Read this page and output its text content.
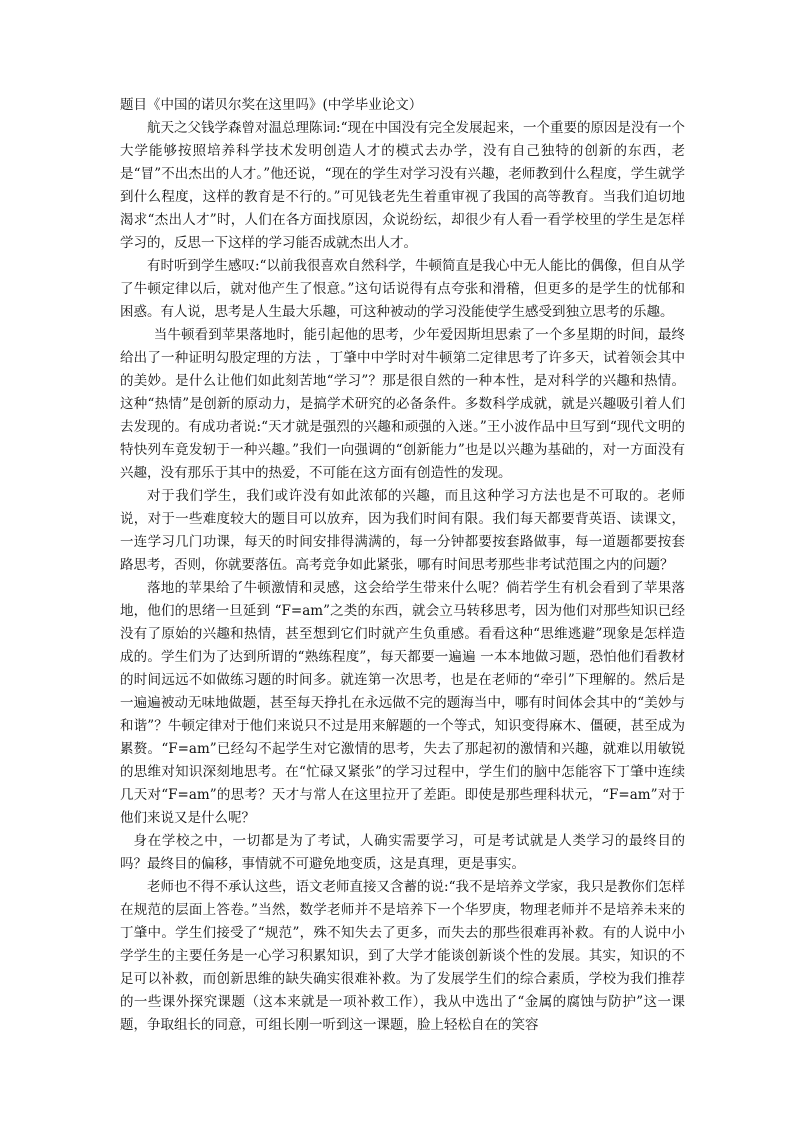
题目《中国的诺贝尔奖在这里吗》(中学毕业论文）

航天之父钱学森曾对温总理陈词:“现在中国没有完全发展起来，一个重要的原因是没有一个大学能够按照培养科学技术发明创造人才的模式去办学，没有自己独特的创新的东西，老是“冒”不出杰出的人才。”他还说，“现在的学生对学习没有兴趣，老师教到什么程度，学生就学到什么程度，这样的教育是不行的。”可见钱老先生着重审视了我国的高等教育。当我们迫切地渴求“杰出人才”时，人们在各方面找原因，众说纷纭，却很少有人看一看学校里的学生是怎样学习的，反思一下这样的学习能否成就杰出人才。

有时听到学生感叹:“以前我很喜欢自然科学，牛顿简直是我心中无人能比的偶像，但自从学了牛顿定律以后，就对他产生了恨意。”这句话说得有点夸张和滑稽，但更多的是学生的忧郁和困惑。有人说，思考是人生最大乐趣，可这种被动的学习没能使学生感受到独立思考的乐趣。

当牛顿看到苹果落地时，能引起他的思考，少年爱因斯坦思索了一个多星期的时间，最终给出了一种证明勾股定理的方法 ，丁肇中中学时对牛顿第二定律思考了许多天，试着领会其中的美妙。是什么让他们如此刻苦地“学习”？那是很自然的一种本性，是对科学的兴趣和热情。这种“热情”是创新的原动力，是搞学术研究的必备条件。多数科学成就，就是兴趣吸引着人们去发现的。有成功者说:“天才就是强烈的兴趣和顽强的入迷。”王小波作品中旦写到“现代文明的特快列车竟发轫于一种兴趣。”我们一向强调的“创新能力”也是以兴趣为基础的，对一方面没有兴趣，没有那乐于其中的热爱，不可能在这方面有创造性的发现。

对于我们学生，我们或许没有如此浓郁的兴趣，而且这种学习方法也是不可取的。老师说，对于一些难度较大的题目可以放弃，因为我们时间有限。我们每天都要背英语、读课文，一连学习几门功课，每天的时间安排得满满的，每一分钟都要按套路做事，每一道题都要按套路思考，否则，你就要落伍。高考竞争如此紧张，哪有时间思考那些非考试范围之内的问题？

落地的苹果给了牛顿激情和灵感，这会给学生带来什么呢？倘若学生有机会看到了苹果落地，他们的思绪一旦延到 “F=am”之类的东西，就会立马转移思考，因为他们对那些知识已经没有了原始的兴趣和热情，甚至想到它们时就产生负重感。看看这种“思维逃避”现象是怎样造成的。学生们为了达到所谓的“熟练程度”，每天都要一遍遍 一本本地做习题，恐怕他们看教材的时间远远不如做练习题的时间多。就连第一次思考，也是在老师的“牵引”下理解的。然后是一遍遍被动无味地做题，甚至每天挣扎在永远做不完的题海当中，哪有时间体会其中的“美妙与和谐”？牛顿定律对于他们来说只不过是用来解题的一个等式，知识变得麻木、僵硬，甚至成为累赘。“F=am”已经勾不起学生对它激情的思考，失去了那起初的激情和兴趣，就难以用敏锐的思维对知识深刻地思考。在“忙碌又紧张”的学习过程中，学生们的脑中怎能容下丁肇中连续几天对“F=am”的思考？天才与常人在这里拉开了差距。即使是那些理科状元，“F=am”对于他们来说又是什么呢？

身在学校之中，一切都是为了考试，人确实需要学习，可是考试就是人类学习的最终目的吗？最终目的偏移，事情就不可避免地变质，这是真理，更是事实。

老师也不得不承认这些，语文老师直接又含蓄的说:“我不是培养文学家，我只是教你们怎样在规范的层面上答卷。”当然，数学老师并不是培养下一个华罗庚，物理老师并不是培养未来的丁肇中。学生们接受了“规范”，殊不知失去了更多，而失去的那些很难再补救。有的人说中小学学生的主要任务是一心学习积累知识，到了大学才能谈创新谈个性的发展。其实，知识的不足可以补救，而创新思维的缺失确实很难补救。为了发展学生们的综合素质，学校为我们推荐的一些课外探究课题（这本来就是一项补救工作），我从中选出了“金属的腐蚀与防护”这一课题，争取组长的同意，可组长刚一听到这一课题，脸上轻松自在的笑容
